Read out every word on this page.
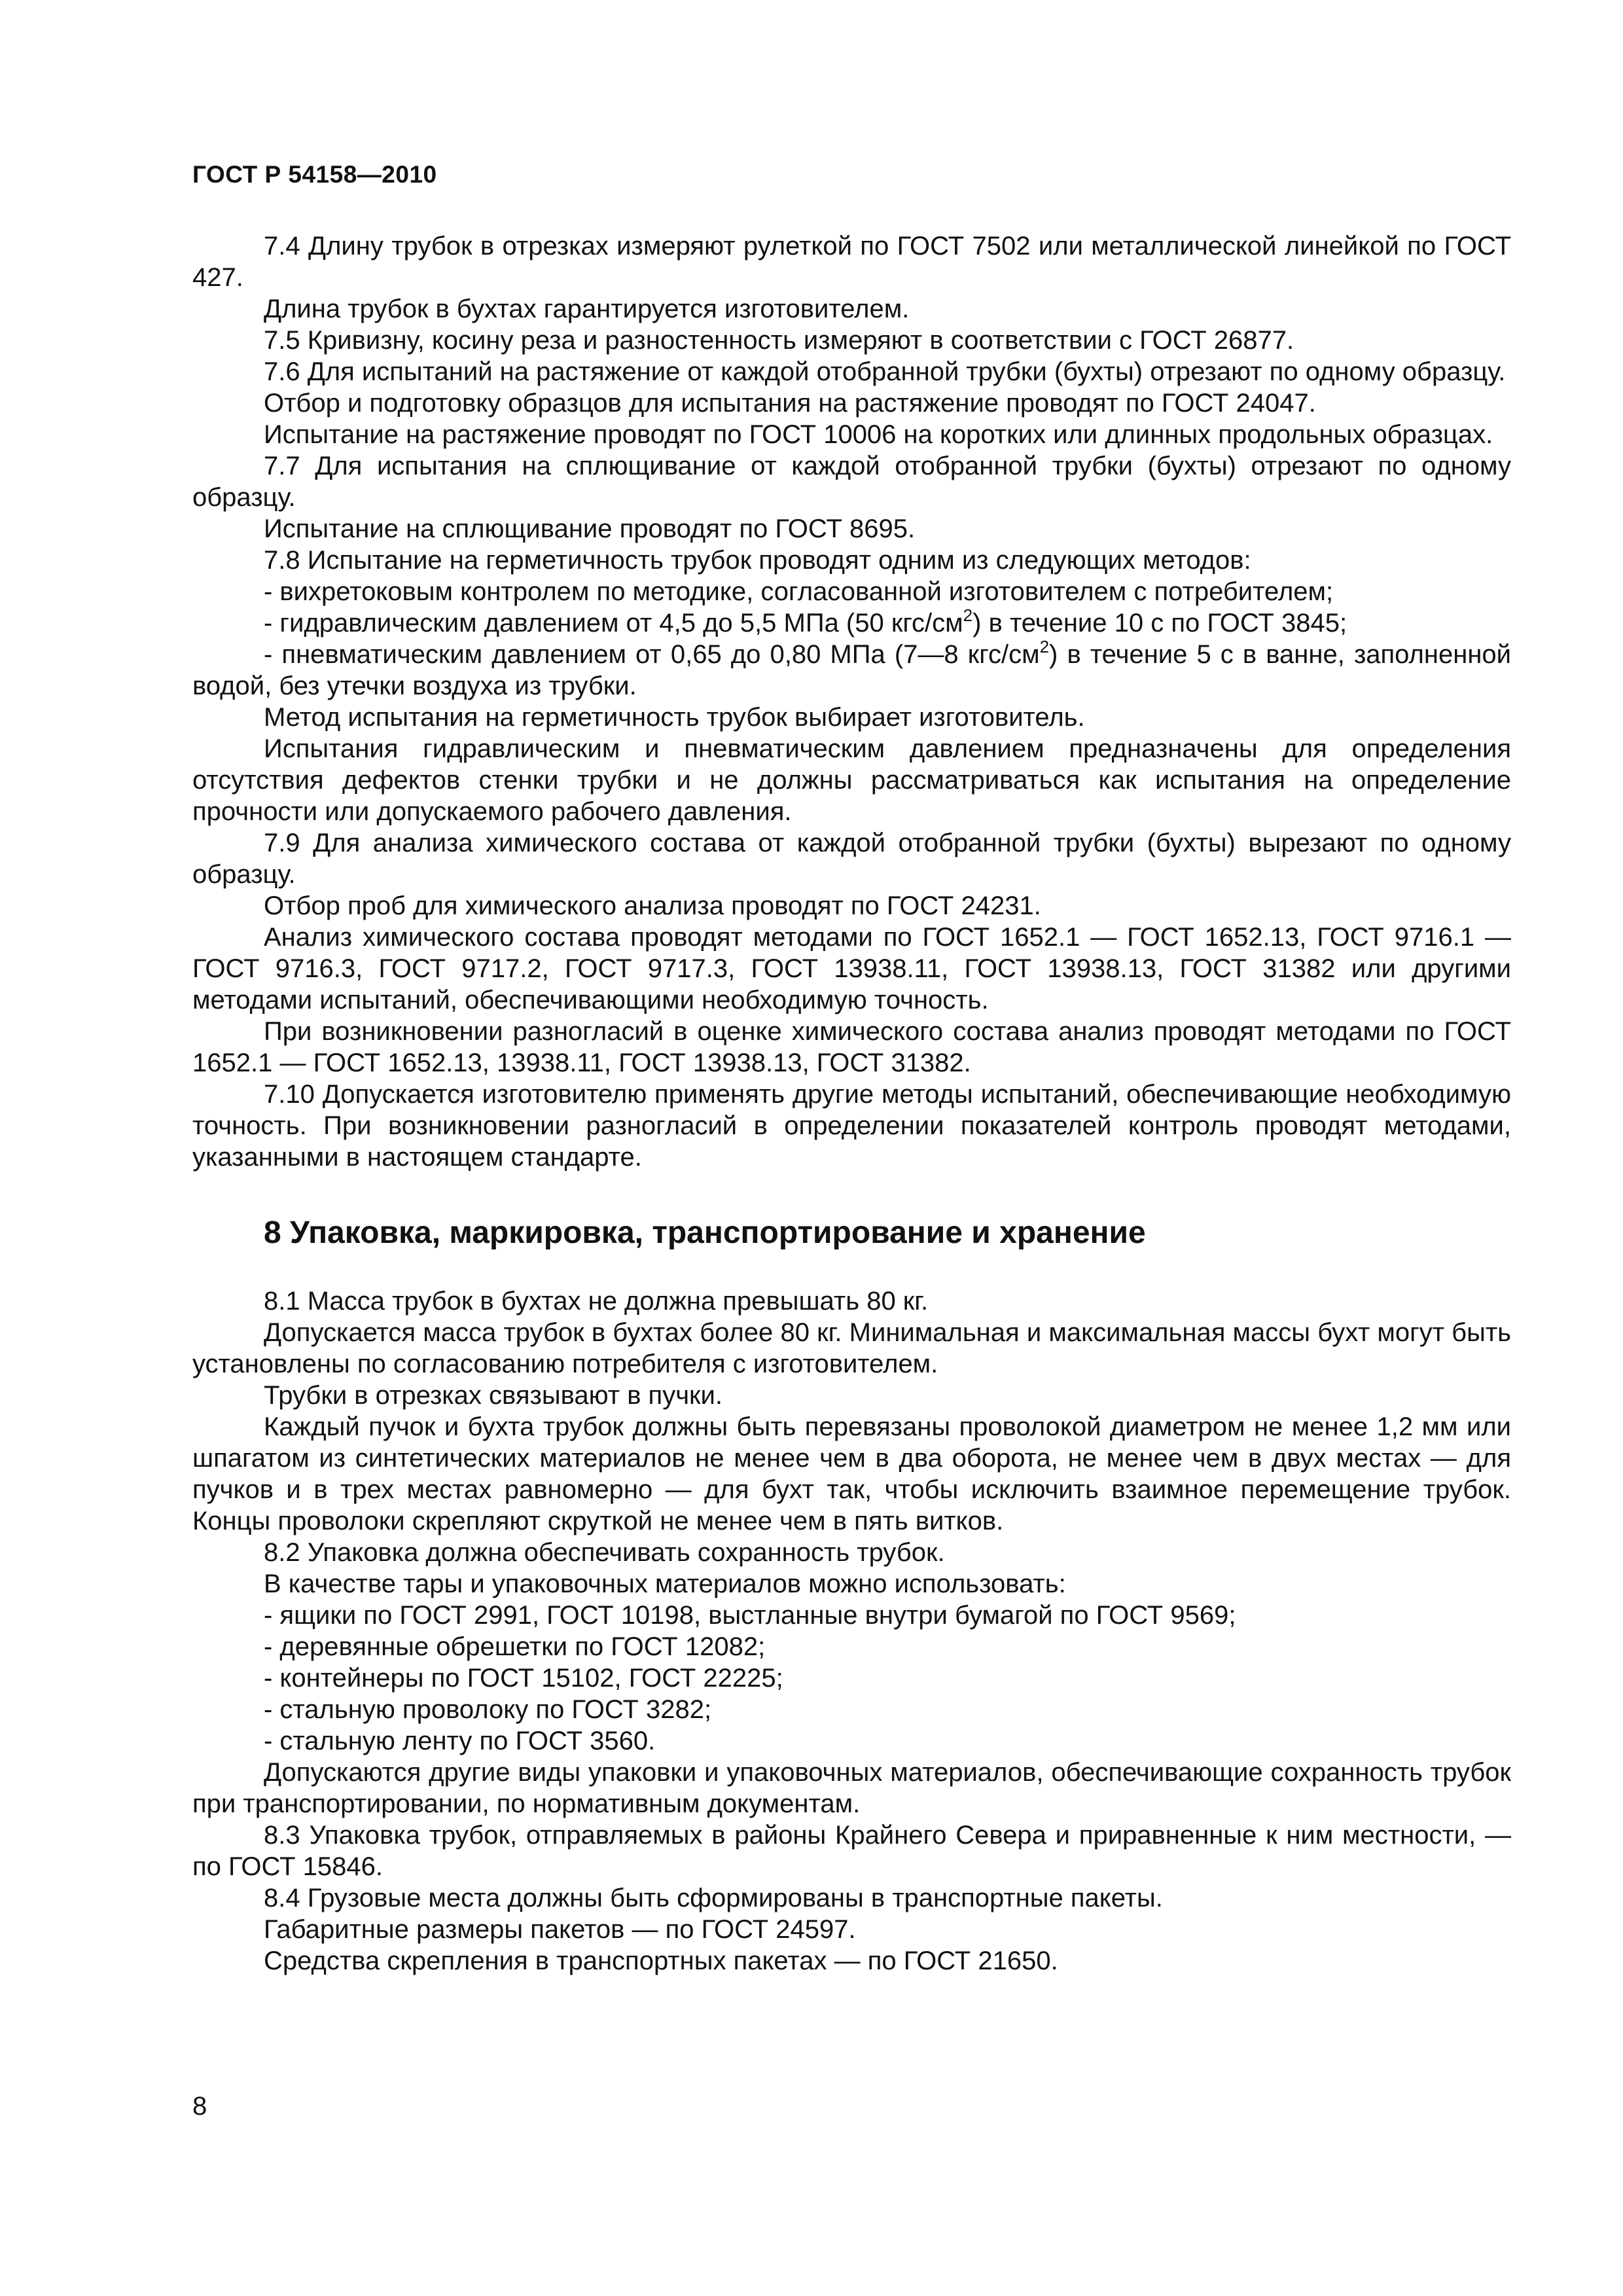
ГОСТ Р 54158—2010

7.4 Длину трубок в отрезках измеряют рулеткой по ГОСТ 7502 или металлической линейкой по ГОСТ 427.

Длина трубок в бухтах гарантируется изготовителем.

7.5 Кривизну, косину реза и разностенность измеряют в соответствии с ГОСТ 26877.

7.6 Для испытаний на растяжение от каждой отобранной трубки (бухты) отрезают по одному образцу.

Отбор и подготовку образцов для испытания на растяжение проводят по ГОСТ 24047.

Испытание на растяжение проводят по ГОСТ 10006 на коротких или длинных продольных образцах.

7.7 Для испытания на сплющивание от каждой отобранной трубки (бухты) отрезают по одному образцу.

Испытание на сплющивание проводят по ГОСТ 8695.

7.8 Испытание на герметичность трубок проводят одним из следующих методов:

- вихретоковым контролем по методике, согласованной изготовителем с потребителем;

- гидравлическим давлением от 4,5 до 5,5 МПа (50 кгс/$см^2$) в течение 10 с по ГОСТ 3845;

- пневматическим давлением от 0,65 до 0,80 МПа (7—8 кгс/$см^2$) в течение 5 с в ванне, заполненной водой, без утечки воздуха из трубки.

Метод испытания на герметичность трубок выбирает изготовитель.

Испытания гидравлическим и пневматическим давлением предназначены для определения отсутствия дефектов стенки трубки и не должны рассматриваться как испытания на определение прочности или допускаемого рабочего давления.

7.9 Для анализа химического состава от каждой отобранной трубки (бухты) вырезают по одному образцу.

Отбор проб для химического анализа проводят по ГОСТ 24231.

Анализ химического состава проводят методами по ГОСТ 1652.1 — ГОСТ 1652.13, ГОСТ 9716.1 — ГОСТ 9716.3, ГОСТ 9717.2, ГОСТ 9717.3, ГОСТ 13938.11, ГОСТ 13938.13, ГОСТ 31382 или другими методами испытаний, обеспечивающими необходимую точность.

При возникновении разногласий в оценке химического состава анализ проводят методами по ГОСТ 1652.1 — ГОСТ 1652.13, 13938.11, ГОСТ 13938.13, ГОСТ 31382.

7.10 Допускается изготовителю применять другие методы испытаний, обеспечивающие необходимую точность. При возникновении разногласий в определении показателей контроль проводят методами, указанными в настоящем стандарте.

8 Упаковка, маркировка, транспортирование и хранение

8.1 Масса трубок в бухтах не должна превышать 80 кг.

Допускается масса трубок в бухтах более 80 кг. Минимальная и максимальная массы бухт могут быть установлены по согласованию потребителя с изготовителем.

Трубки в отрезках связывают в пучки.

Каждый пучок и бухта трубок должны быть перевязаны проволокой диаметром не менее 1,2 мм или шпагатом из синтетических материалов не менее чем в два оборота, не менее чем в двух местах — для пучков и в трех местах равномерно — для бухт так, чтобы исключить взаимное перемещение трубок. Концы проволоки скрепляют скруткой не менее чем в пять витков.

8.2 Упаковка должна обеспечивать сохранность трубок.

В качестве тары и упаковочных материалов можно использовать:

- ящики по ГОСТ 2991, ГОСТ 10198, выстланные внутри бумагой по ГОСТ 9569;

- деревянные обрешетки по ГОСТ 12082;

- контейнеры по ГОСТ 15102, ГОСТ 22225;

- стальную проволоку по ГОСТ 3282;

- стальную ленту по ГОСТ 3560.

Допускаются другие виды упаковки и упаковочных материалов, обеспечивающие сохранность трубок при транспортировании, по нормативным документам.

8.3 Упаковка трубок, отправляемых в районы Крайнего Севера и приравненные к ним местности, — по ГОСТ 15846.

8.4 Грузовые места должны быть сформированы в транспортные пакеты.

Габаритные размеры пакетов — по ГОСТ 24597.

Средства скрепления в транспортных пакетах — по ГОСТ 21650.

8
